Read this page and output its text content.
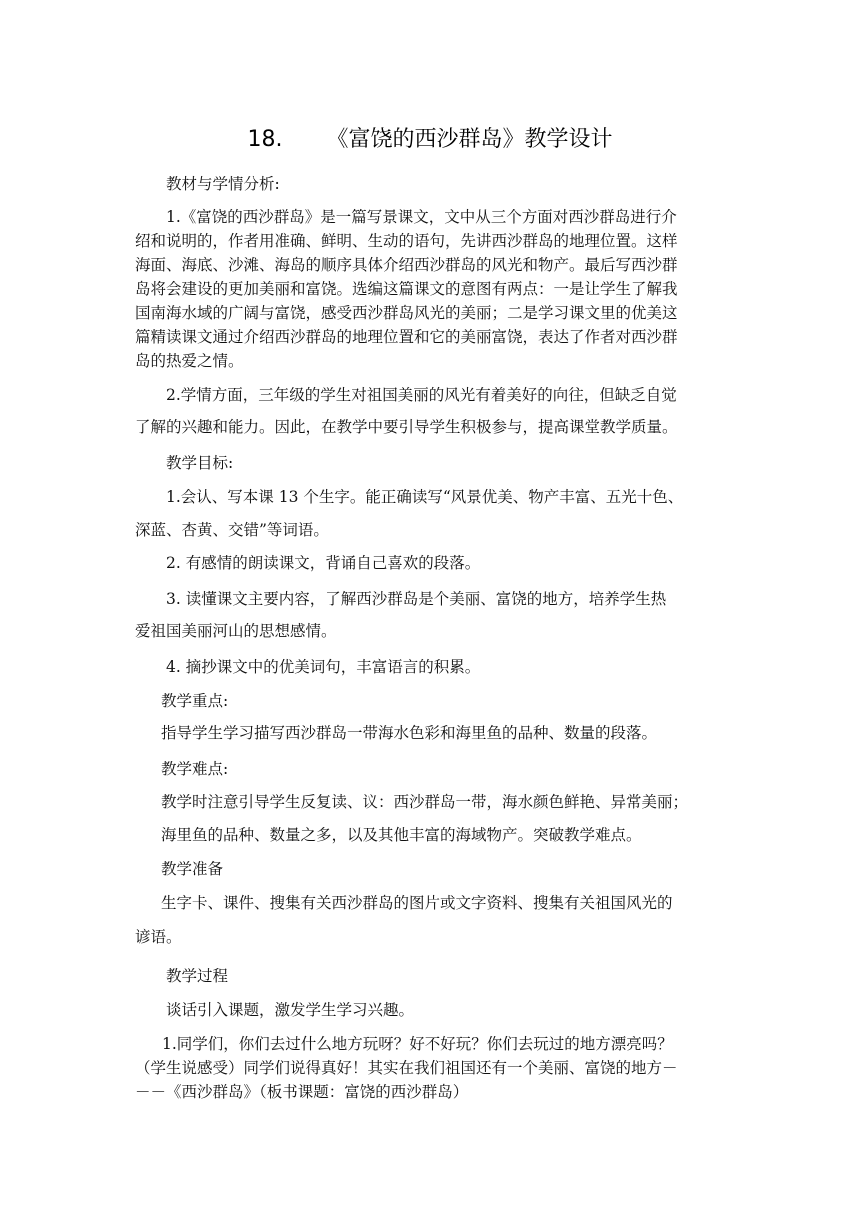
18. 《富饶的西沙群岛》教学设计
教材与学情分析:
1.《富饶的西沙群岛》是一篇写景课文，文中从三个方面对西沙群岛进行介
绍和说明的，作者用准确、鲜明、生动的语句，先讲西沙群岛的地理位置。这样
海面、海底、沙滩、海岛的顺序具体介绍西沙群岛的风光和物产。最后写西沙群
岛将会建设的更加美丽和富饶。选编这篇课文的意图有两点：一是让学生了解我
国南海水域的广阔与富饶，感受西沙群岛风光的美丽；二是学习课文里的优美这
篇精读课文通过介绍西沙群岛的地理位置和它的美丽富饶，表达了作者对西沙群
岛的热爱之情。
2.学情方面，三年级的学生对祖国美丽的风光有着美好的向往，但缺乏自觉
了解的兴趣和能力。因此，在教学中要引导学生积极参与，提高课堂教学质量。
教学目标:
1.会认、写本课 13 个生字。能正确读写“风景优美、物产丰富、五光十色、
深蓝、杏黄、交错”等词语。
2. 有感情的朗读课文，背诵自己喜欢的段落。
3. 读懂课文主要内容，了解西沙群岛是个美丽、富饶的地方，培养学生热
爱祖国美丽河山的思想感情。
4. 摘抄课文中的优美词句，丰富语言的积累。
教学重点:
指导学生学习描写西沙群岛一带海水色彩和海里鱼的品种、数量的段落。
教学难点:
教学时注意引导学生反复读、议：西沙群岛一带，海水颜色鲜艳、异常美丽；
海里鱼的品种、数量之多，以及其他丰富的海域物产。突破教学难点。
教学准备
生字卡、课件、搜集有关西沙群岛的图片或文字资料、搜集有关祖国风光的
谚语。
教学过程
谈话引入课题，激发学生学习兴趣。
1.同学们，你们去过什么地方玩呀？好不好玩？你们去玩过的地方漂亮吗？
（学生说感受）同学们说得真好！其实在我们祖国还有一个美丽、富饶的地方－
－－《西沙群岛》（板书课题：富饶的西沙群岛）
